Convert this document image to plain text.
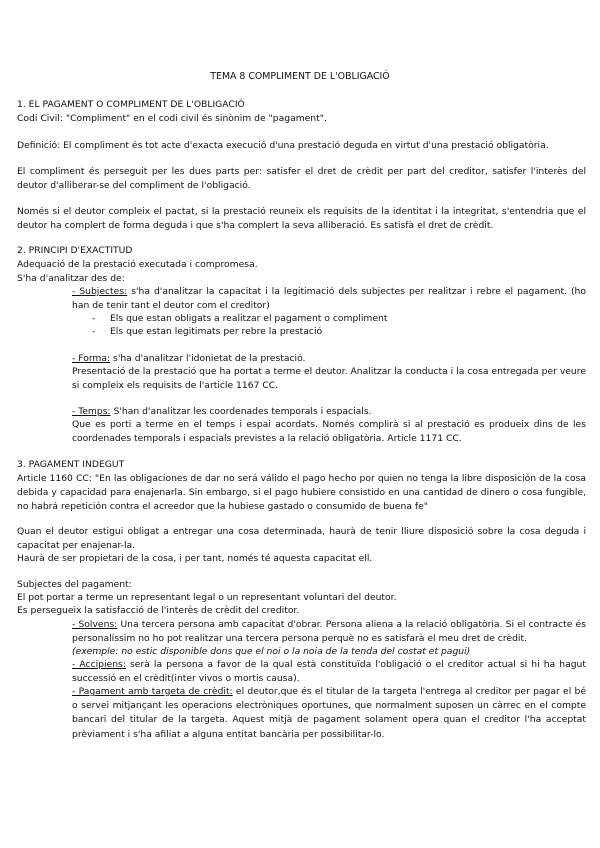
TEMA 8 COMPLIMENT DE L'OBLIGACIÓ
1. EL PAGAMENT O COMPLIMENT DE L'OBLIGACIÓ
Codi Civil: "Compliment" en el codi civil és sinònim de "pagament".
Definició: El compliment és tot acte d'exacta execució d'una prestació deguda en virtut d'una prestació obligatòria.
El compliment és perseguit per les dues parts per: satisfer el dret de crèdit per part del creditor, satisfer l'interès del deutor d'alliberar-se del compliment de l'obligació.
Només si el deutor compleix el pactat, si la prestació reuneix els requisits de la identitat i la integritat, s'entendria que el deutor ha complert de forma deguda i que s'ha complert la seva alliberació. Es satisfà el dret de crèdit.
2. PRINCIPI D'EXACTITUD
Adequació de la prestació executada i compromesa.
S'ha d'analitzar des de:
- Subjectes: s'ha d'analitzar la capacitat i la legitimació dels subjectes per realitzar i rebre el pagament. (ho han de tenir tant el deutor com el creditor)
- Els que estan obligats a realitzar el pagament o compliment
- Els que estan legitimats per rebre la prestació
- Forma: s'ha d'analitzar l'idonietat de la prestació.
Presentació de la prestació que ha portat a terme el deutor. Analitzar la conducta i la cosa entregada per veure si compleix els requisits de l'article 1167 CC.
- Temps: S'han d'analitzar les coordenades temporals i espacials.
Que es porti a terme en el temps i espai acordats. Només complirà si al prestació es produeix dins de les coordenades temporals i espacials previstes a la relació obligatòria. Article 1171 CC.
3. PAGAMENT INDEGUT
Article 1160 CC: "En las obligaciones de dar no será válido el pago hecho por quien no tenga la libre disposición de la cosa debida y capacidad para enajenarla. Sin embargo, si el pago hubiere consistido en una cantidad de dinero o cosa fungible, no habrá repetición contra el acreedor que la hubiese gastado o consumido de buena fe"
Quan el deutor estigui obligat a entregar una cosa determinada, haurà de tenir lliure disposició sobre la cosa deguda i capacitat per enajenar-la.
Haurà de ser propietari de la cosa, i per tant, només té aquesta capacitat ell.
Subjectes del pagament:
El pot portar a terme un representant legal o un representant voluntari del deutor.
Es persegueix la satisfacció de l'interès de crèdit del creditor.
- Solvens: Una tercera persona amb capacitat d'obrar. Persona aliena a la relació obligatòria. Si el contracte és personalíssim no ho pot realitzar una tercera persona perquè no es satisfarà el meu dret de crèdit.
(exemple: no estic disponible dons que el noi o la noia de la tenda del costat et pagui)
- Accipiens: serà la persona a favor de la qual està constituïda l'obligació o el creditor actual si hi ha hagut successió en el crèdit(inter vivos o mortis causa).
- Pagament amb targeta de crèdit: el deutor,que és el titular de la targeta l'entrega al creditor per pagar el bé o servei mitjançant les operacions electròniques oportunes, que normalment suposen un càrrec en el compte bancari del titular de la targeta. Aquest mitjà de pagament solament opera quan el creditor l'ha acceptat prèviament i s'ha afiliat a alguna entitat bancària per possibilitar-lo.
